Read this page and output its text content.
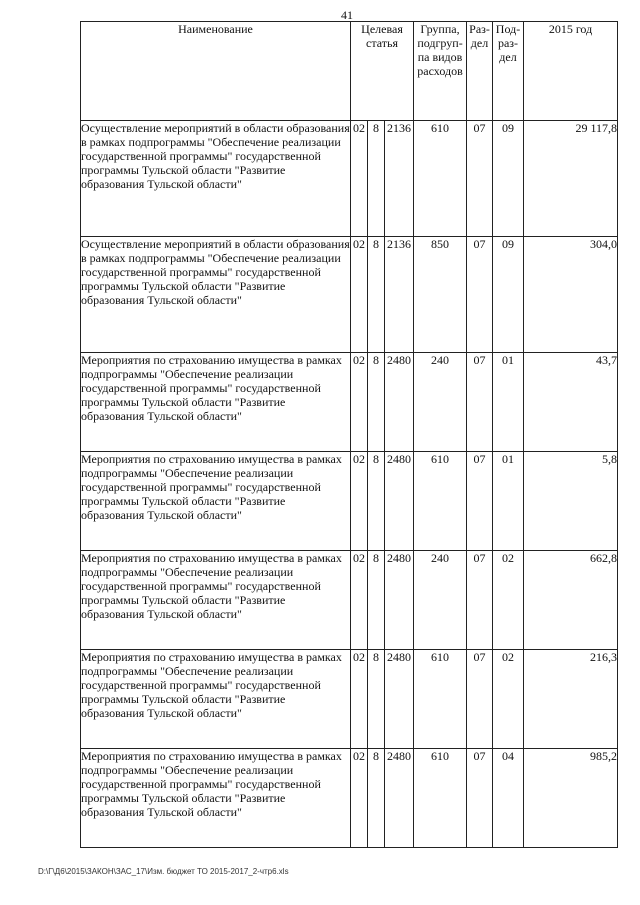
41
Наименование	Целевая статья			Группа, подгруп-па видов расходов	Раз-дел	Под-раз-дел	2015 год
Осуществление мероприятий в области образования в рамках подпрограммы "Обеспечение реализации государственной программы" государственной программы Тульской области "Развитие образования Тульской области"	02	8	2136	610	07	09	29 117,8
Осуществление мероприятий в области образования в рамках подпрограммы "Обеспечение реализации государственной программы" государственной программы Тульской области "Развитие образования Тульской области"	02	8	2136	850	07	09	304,0
Мероприятия по страхованию имущества в рамках подпрограммы "Обеспечение реализации государственной программы" государственной программы Тульской области "Развитие образования Тульской области"	02	8	2480	240	07	01	43,7
Мероприятия по страхованию имущества в рамках подпрограммы "Обеспечение реализации государственной программы" государственной программы Тульской области "Развитие образования Тульской области"	02	8	2480	610	07	01	5,8
Мероприятия по страхованию имущества в рамках подпрограммы "Обеспечение реализации государственной программы" государственной программы Тульской области "Развитие образования Тульской области"	02	8	2480	240	07	02	662,8
Мероприятия по страхованию имущества в рамках подпрограммы "Обеспечение реализации государственной программы" государственной программы Тульской области "Развитие образования Тульской области"	02	8	2480	610	07	02	216,3
Мероприятия по страхованию имущества в рамках подпрограммы "Обеспечение реализации государственной программы" государственной программы Тульской области "Развитие образования Тульской области"	02	8	2480	610	07	04	985,2
D:\Г\Д6\2015\ЗАКОН\ЗАС_17\Изм. бюджет ТО 2015-2017_2-чтр6.xls
